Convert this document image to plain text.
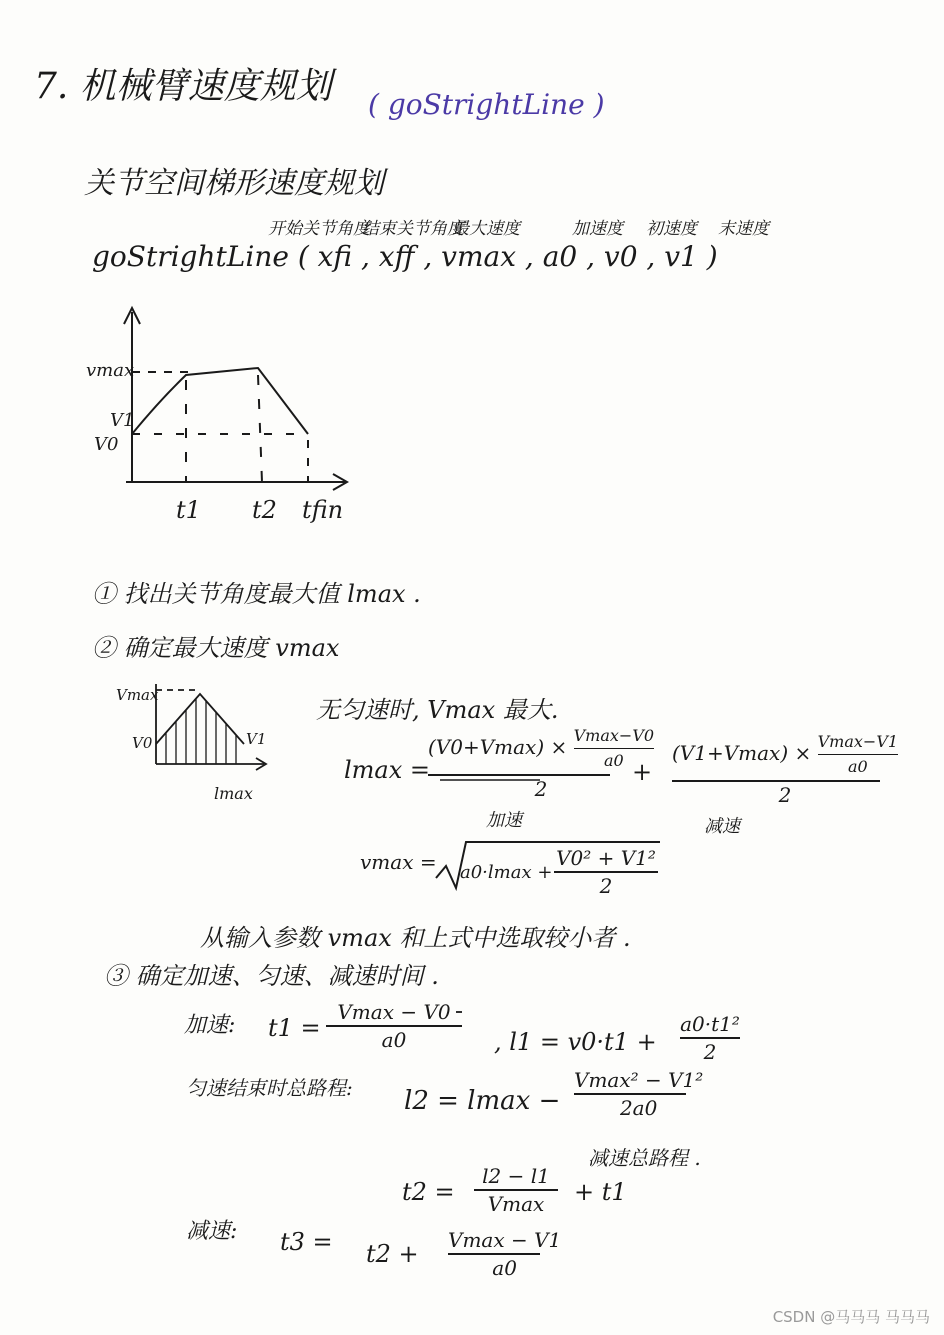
7. 机械臂速度规划 ( goStrightLine )
关节空间梯形速度规划
开始关节角度
结束关节角度
最大速度	加速度 初速度 末速度
goStrightLine ( xfi , xff , vmax , a0 , v0 , v1 )
vmax
V1
V0
t1 t2 tfin
① 找出关节角度最大值 lmax .
② 确定最大速度 vmax
Vmax
V0	V1
lmax
无匀速时, Vmax 最大.
lmax =
(V0+Vmax) × Vmax−V0
a0
2
+
(V1+Vmax) × Vmax−V1
a0
2
加速	减速
vmax = a0·lmax +
V0² + V1²
2
从输入参数 vmax 和上式中选取较小者 .
③ 确定加速、匀速、减速时间 .
加速: t1 =
Vmax − V0
a0	, l1 = v0·t1 +
a0·t1²
2
匀速结束时总路程: l2 = lmax −
Vmax² − V1²
2a0
减速总路程 .
t2 =
l2 − l1
Vmax	+ t1
减速: t3 = t2 + Vmax − V1
a0
CSDN @马马马 马马马
